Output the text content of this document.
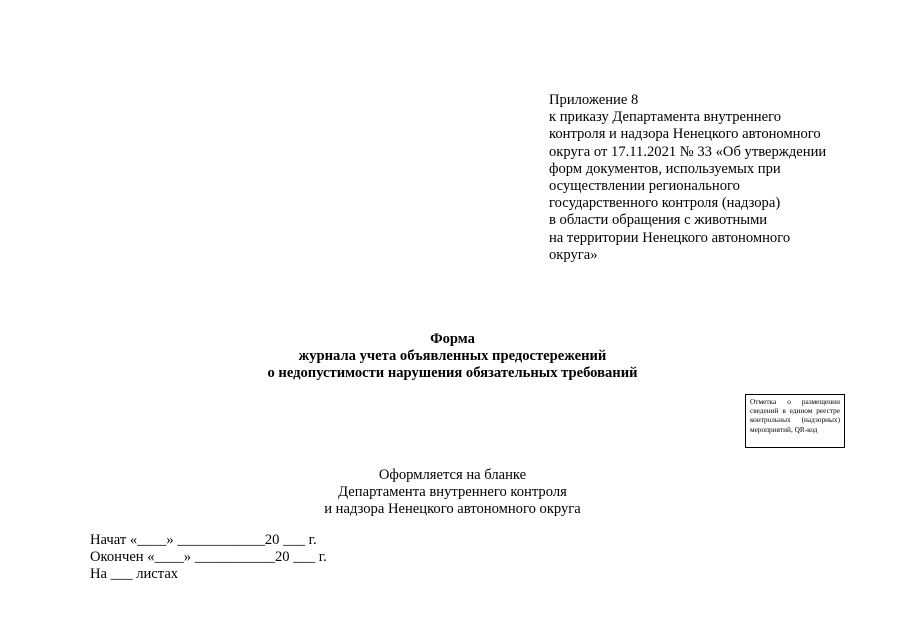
Приложение 8
к приказу Департамента внутреннего
контроля и надзора Ненецкого автономного
округа от 17.11.2021 № 33 «Об утверждении
форм документов, используемых при
осуществлении регионального
государственного контроля (надзора)
в области обращения с животными
на территории Ненецкого автономного
округа»
Форма
журнала учета объявленных предостережений
о недопустимости нарушения обязательных требований
Отметка о размещении сведений в едином реестре контрольных (надзорных) мероприятий, QR-код
Оформляется на бланке
Департамента внутреннего контроля
и надзора Ненецкого автономного округа
Начат «____» ____________20 ___ г.
Окончен «____» ___________20 ___ г.
На ___ листах
